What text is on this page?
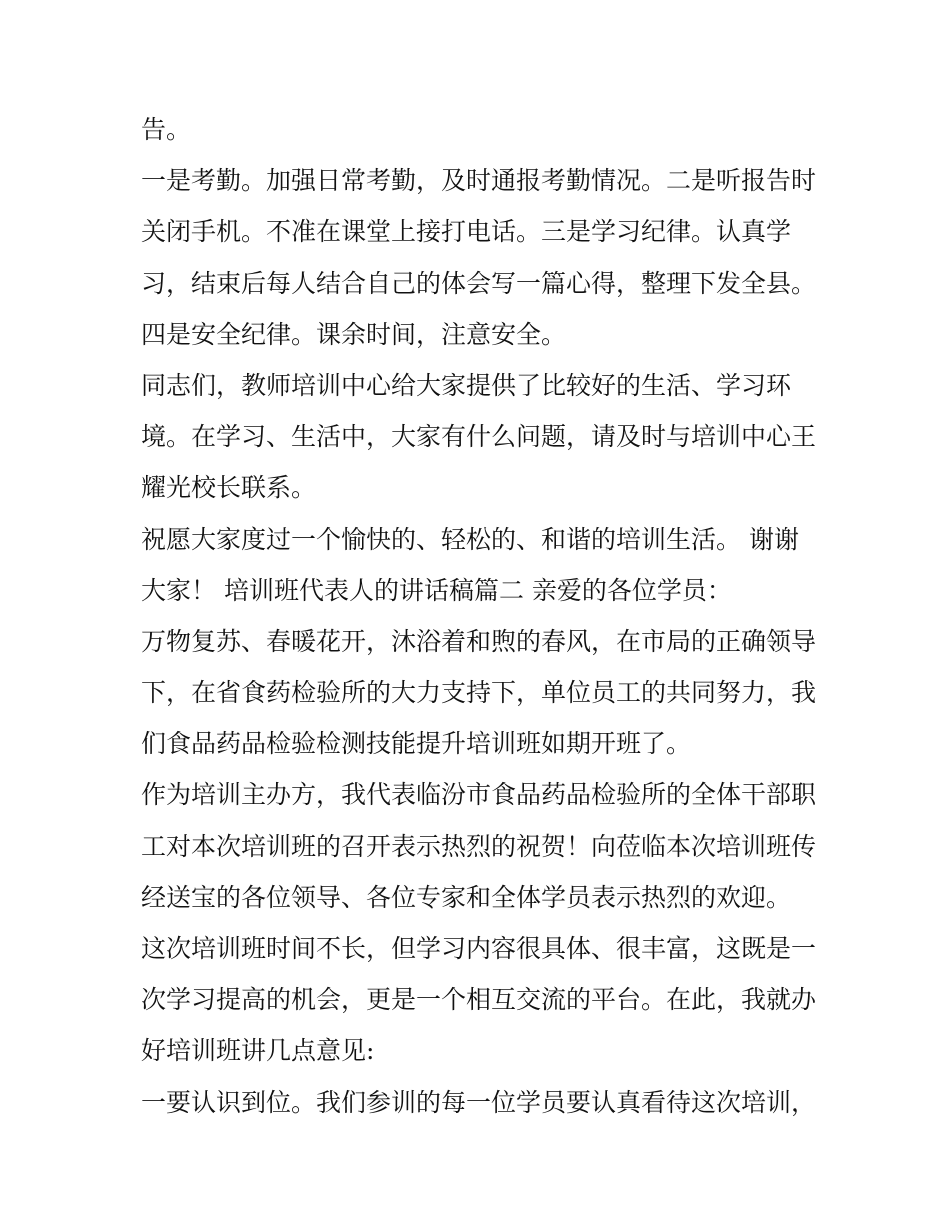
告。
一是考勤。加强日常考勤，及时通报考勤情况。二是听报告时
关闭手机。不准在课堂上接打电话。三是学习纪律。认真学
习，结束后每人结合自己的体会写一篇心得，整理下发全县。
四是安全纪律。课余时间，注意安全。
同志们，教师培训中心给大家提供了比较好的生活、学习环
境。在学习、生活中，大家有什么问题，请及时与培训中心王
耀光校长联系。
祝愿大家度过一个愉快的、轻松的、和谐的培训生活。 谢谢
大家！ 培训班代表人的讲话稿篇二 亲爱的各位学员：
万物复苏、春暖花开，沐浴着和煦的春风，在市局的正确领导
下，在省食药检验所的大力支持下，单位员工的共同努力，我
们食品药品检验检测技能提升培训班如期开班了。
作为培训主办方，我代表临汾市食品药品检验所的全体干部职
工对本次培训班的召开表示热烈的祝贺！向莅临本次培训班传
经送宝的各位领导、各位专家和全体学员表示热烈的欢迎。
这次培训班时间不长，但学习内容很具体、很丰富，这既是一
次学习提高的机会，更是一个相互交流的平台。在此，我就办
好培训班讲几点意见:
一要认识到位。我们参训的每一位学员要认真看待这次培训，
